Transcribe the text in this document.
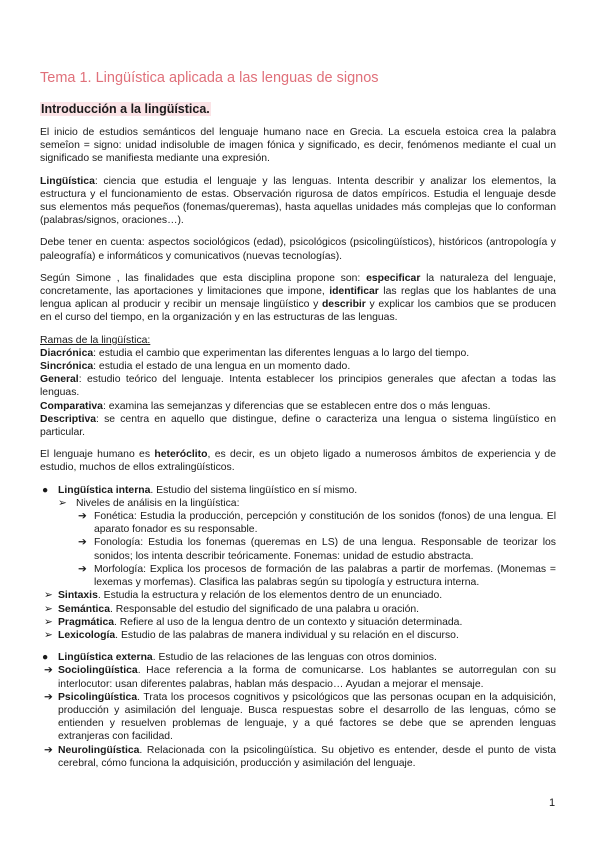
Tema 1. Lingüística aplicada a las lenguas de signos
Introducción a la lingüística.

El inicio de estudios semánticos del lenguaje humano nace en Grecia. La escuela estoica crea la palabra semeîon = signo: unidad indisoluble de imagen fónica y significado, es decir, fenómenos mediante el cual un significado se manifiesta mediante una expresión.

Lingüística: ciencia que estudia el lenguaje y las lenguas. Intenta describir y analizar los elementos, la estructura y el funcionamiento de estas. Observación rigurosa de datos empíricos. Estudia el lenguaje desde sus elementos más pequeños (fonemas/queremas), hasta aquellas unidades más complejas que lo conforman (palabras/signos, oraciones…).

Debe tener en cuenta: aspectos sociológicos (edad), psicológicos (psicolingüísticos), históricos (antropología y paleografía) e informáticos y comunicativos (nuevas tecnologías).

Según Simone , las finalidades que esta disciplina propone son: especificar la naturaleza del lenguaje, concretamente, las aportaciones y limitaciones que impone, identificar las reglas que los hablantes de una lengua aplican al producir y recibir un mensaje lingüístico y describir y explicar los cambios que se producen en el curso del tiempo, en la organización y en las estructuras de las lenguas.

Ramas de la lingüística:
Diacrónica: estudia el cambio que experimentan las diferentes lenguas a lo largo del tiempo.
Sincrónica: estudia el estado de una lengua en un momento dado.
General: estudio teórico del lenguaje. Intenta establecer los principios generales que afectan a todas las lenguas.
Comparativa: examina las semejanzas y diferencias que se establecen entre dos o más lenguas.
Descriptiva: se centra en aquello que distingue, define o caracteriza una lengua o sistema lingüístico en particular.

El lenguaje humano es heteróclito, es decir, es un objeto ligado a numerosos ámbitos de experiencia y de estudio, muchos de ellos extralingüísticos.

● Lingüística interna. Estudio del sistema lingüístico en sí mismo.
➢ Niveles de análisis en la lingüística:
➔ Fonética: Estudia la producción, percepción y constitución de los sonidos (fonos) de una lengua. El aparato fonador es su responsable.
➔ Fonología: Estudia los fonemas (queremas en LS) de una lengua. Responsable de teorizar los sonidos; los intenta describir teóricamente. Fonemas: unidad de estudio abstracta.
➔ Morfología: Explica los procesos de formación de las palabras a partir de morfemas. (Monemas = lexemas y morfemas). Clasifica las palabras según su tipología y estructura interna.
➢ Sintaxis. Estudia la estructura y relación de los elementos dentro de un enunciado.
➢ Semántica. Responsable del estudio del significado de una palabra u oración.
➢ Pragmática. Refiere al uso de la lengua dentro de un contexto y situación determinada.
➢ Lexicología. Estudio de las palabras de manera individual y su relación en el discurso.
● Lingüística externa. Estudio de las relaciones de las lenguas con otros dominios.
➔ Sociolingüística. Hace referencia a la forma de comunicarse. Los hablantes se autorregulan con su interlocutor: usan diferentes palabras, hablan más despacio… Ayudan a mejorar el mensaje.
➔ Psicolingüística. Trata los procesos cognitivos y psicológicos que las personas ocupan en la adquisición, producción y asimilación del lenguaje. Busca respuestas sobre el desarrollo de las lenguas, cómo se entienden y resuelven problemas de lenguaje, y a qué factores se debe que se aprenden lenguas extranjeras con facilidad.
➔ Neurolingüística. Relacionada con la psicolingüística. Su objetivo es entender, desde el punto de vista cerebral, cómo funciona la adquisición, producción y asimilación del lenguaje.
1
